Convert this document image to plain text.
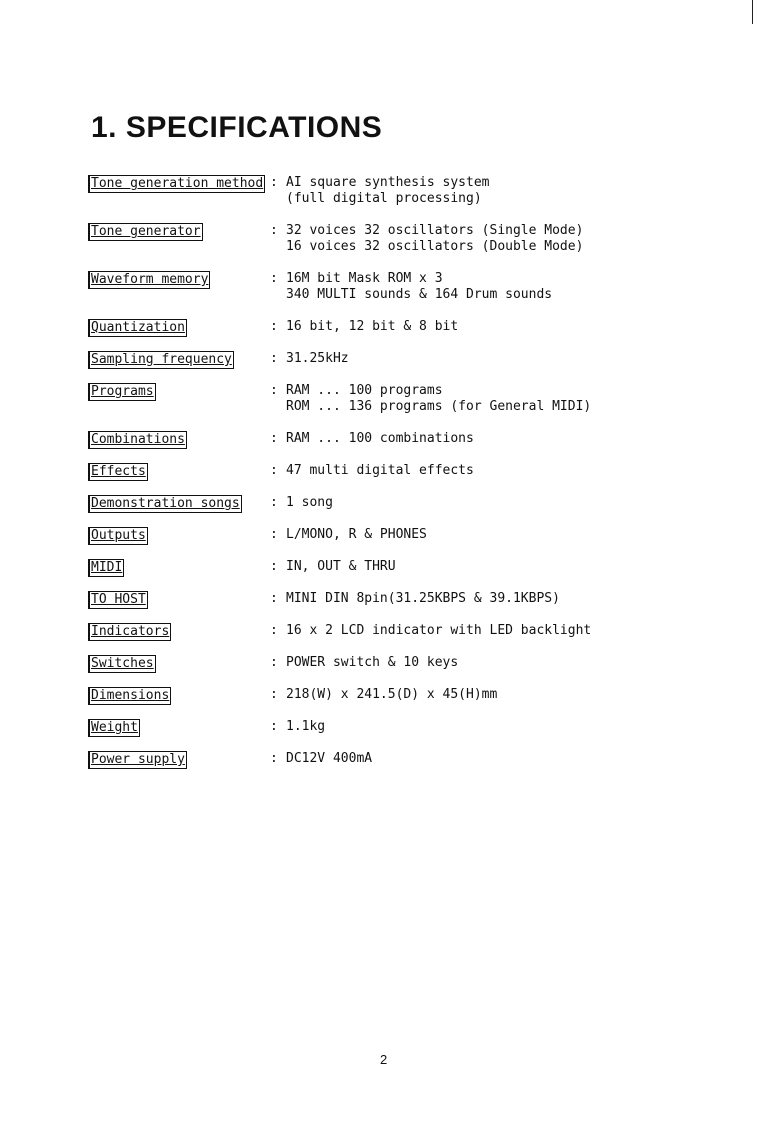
1. SPECIFICATIONS
Tone generation method : AI square synthesis system
(full digital processing)
Tone generator	: 32 voices 32 oscillators (Single Mode)
16 voices 32 oscillators (Double Mode)
Waveform memory	: 16M bit Mask ROM x 3
340 MULTI sounds & 164 Drum sounds
Quantization	: 16 bit, 12 bit & 8 bit
Sampling frequency	: 31.25kHz
Programs	: RAM ... 100 programs
ROM ... 136 programs (for General MIDI)
Combinations	: RAM ... 100 combinations
Effects	: 47 multi digital effects
Demonstration songs : 1 song
Outputs	: L/MONO, R & PHONES
MIDI	: IN, OUT & THRU
TO HOST	: MINI DIN 8pin(31.25KBPS & 39.1KBPS)
Indicators	: 16 x 2 LCD indicator with LED backlight
Switches	: POWER switch & 10 keys
Dimensions	: 218(W) x 241.5(D) x 45(H)mm
Weight	: 1.1kg
Power supply	: DC12V 400mA
2
